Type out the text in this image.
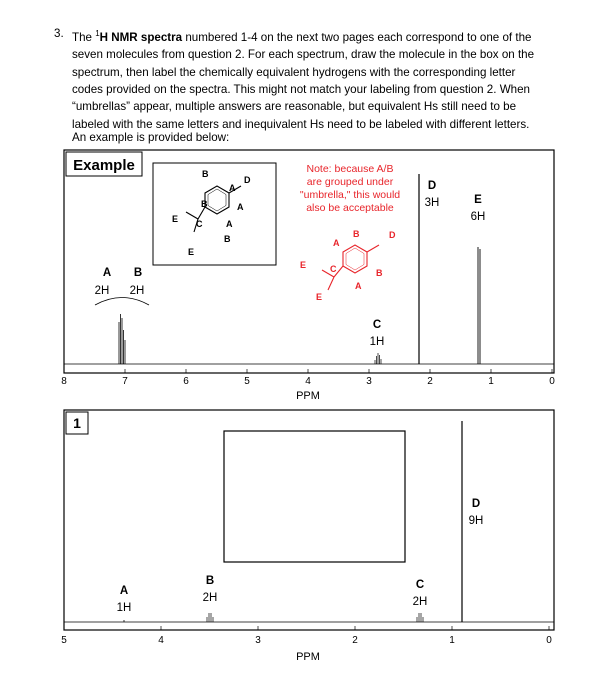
3. The $^1$H NMR spectra numbered 1-4 on the next two pages each correspond to one of the

seven molecules from question 2. For each spectrum, draw the molecule in the box on the

spectrum, then label the chemically equivalent hydrogens with the corresponding letter

codes provided on the spectra. This might not match your labeling from question 2. When

“umbrellas” appear, multiple answers are reasonable, but equivalent Hs still need to be

labeled with the same letters and inequivalent Hs need to be labeled with different letters.

An example is provided below:
Example
A
B
A
A
D
B
C
E
E
B
Note: because A/B
are grouped under
"umbrella," this would
also be acceptable
A
B	D
B
A
C
E
E
A
2H
B
2H
C
1H
D
3H	E
6H
8	7	6	5	4	3	2	1	0
PPM
1
A
1H
B
2H
C
2H
D
9H
5	4	3	2	1	0
PPM
